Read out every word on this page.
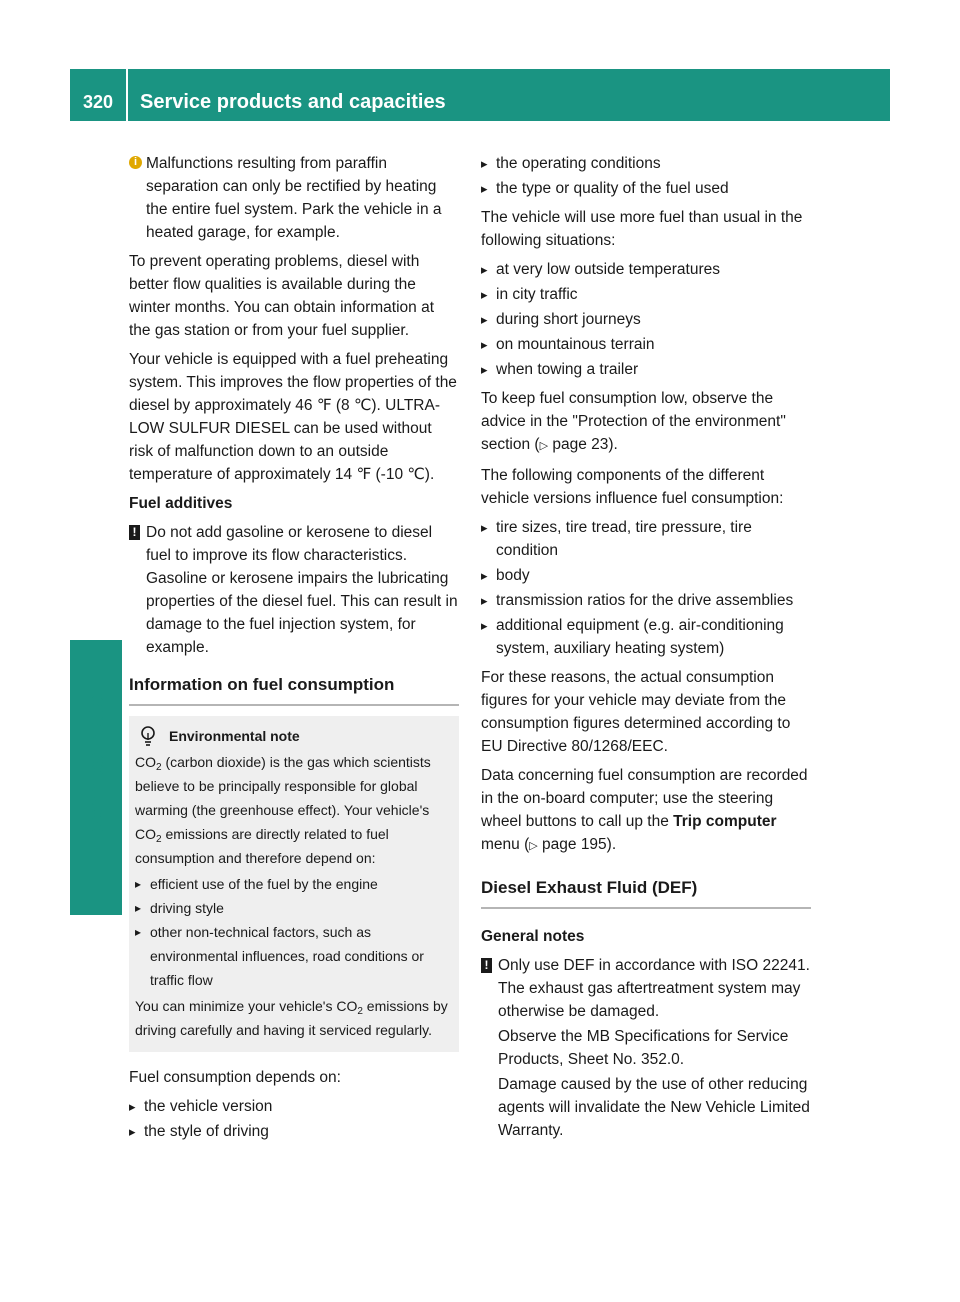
320	Service products and capacities
Technical data
i Malfunctions resulting from paraffin separation can only be rectified by heating the entire fuel system. Park the vehicle in a heated garage, for example.

To prevent operating problems, diesel with better flow qualities is available during the winter months. You can obtain information at the gas station or from your fuel supplier.

Your vehicle is equipped with a fuel preheating system. This improves the flow properties of the diesel by approximately 46 ℉ (8 ℃). ULTRA-LOW SULFUR DIESEL can be used without risk of malfunction down to an outside temperature of approximately 14 ℉ (-10 ℃).

Fuel additives
! Do not add gasoline or kerosene to diesel fuel to improve its flow characteristics. Gasoline or kerosene impairs the lubricating properties of the diesel fuel. This can result in damage to the fuel injection system, for example.
Information on fuel consumption
Environmental note

$CO_2$ (carbon dioxide) is the gas which scientists believe to be principally responsible for global warming (the greenhouse effect). Your vehicle's $CO_2$ emissions are directly related to fuel consumption and therefore depend on:

▸ efficient use of the fuel by the engine
▸ driving style
▸ other non-technical factors, such as environmental influences, road conditions or traffic flow

You can minimize your vehicle's $CO_2$ emissions by driving carefully and having it serviced regularly.

Fuel consumption depends on:

▸ the vehicle version
▸ the style of driving
▸ the operating conditions
▸ the type or quality of the fuel used

The vehicle will use more fuel than usual in the following situations:

▸ at very low outside temperatures
▸ in city traffic
▸ during short journeys
▸ on mountainous terrain
▸ when towing a trailer

To keep fuel consumption low, observe the advice in the "Protection of the environment" section (▷ page 23).

The following components of the different vehicle versions influence fuel consumption:

▸ tire sizes, tire tread, tire pressure, tire condition
▸ body
▸ transmission ratios for the drive assemblies
▸ additional equipment (e.g. air-conditioning system, auxiliary heating system)

For these reasons, the actual consumption figures for your vehicle may deviate from the consumption figures determined according to EU Directive 80/1268/EEC.

Data concerning fuel consumption are recorded in the on-board computer; use the steering wheel buttons to call up the Trip computer menu (▷ page 195).

Diesel Exhaust Fluid (DEF)
General notes
! Only use DEF in accordance with ISO 22241. The exhaust gas aftertreatment system may otherwise be damaged.

Observe the MB Specifications for Service Products, Sheet No. 352.0.

Damage caused by the use of other reducing agents will invalidate the New Vehicle Limited Warranty.
